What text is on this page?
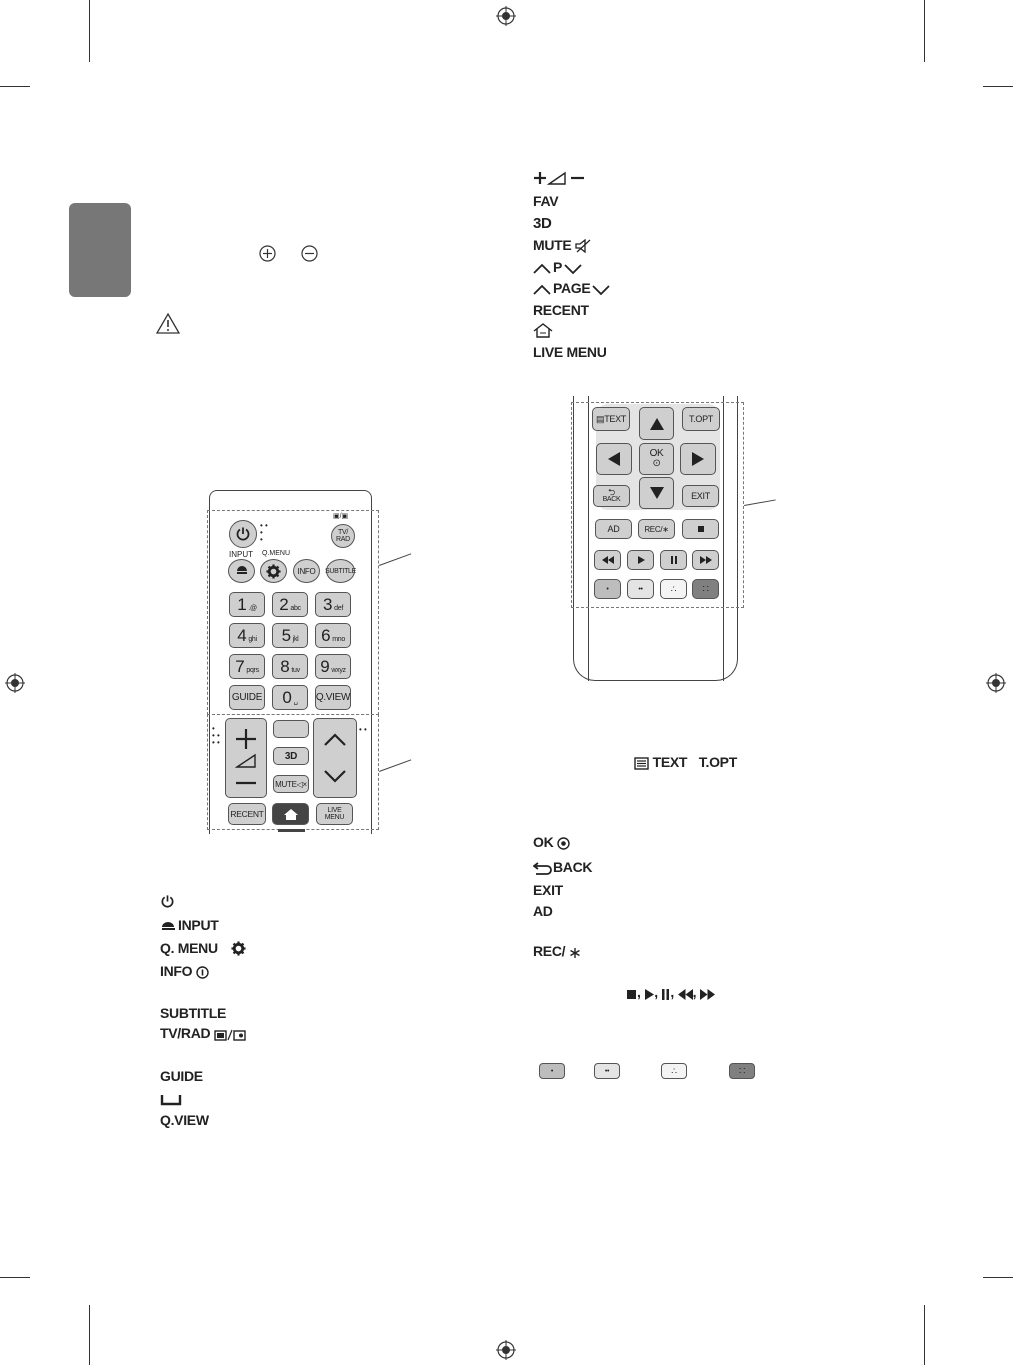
• •
•
•
▣/▣
TV/
RAD
INPUT Q.MENU
INFO SUBTITLE
1 .@ 2 abc 3 def
4 ghi 5 jkl 6 mno
7 pqrs 8 tuv 9 wxyz
GUIDE 0 ␣ Q.VIEW
•
• •
• •
• •
3D
MUTE ◁×
RECENT	LIVE
MENU
▤ TEXT	T.OPT
OK
⊙
⮌
BACK	EXIT
AD	REC/∗
•	••	∴	∷
INPUT
Q. MENU
INFO
SUBTITLE
TV/RAD
GUIDE
Q.VIEW
FAV
3D
MUTE
P
PAGE
RECENT
LIVE MENU
TEXT T.OPT
OK
BACK
EXIT
AD
REC/
, , , ,
•	••	∴	∷
